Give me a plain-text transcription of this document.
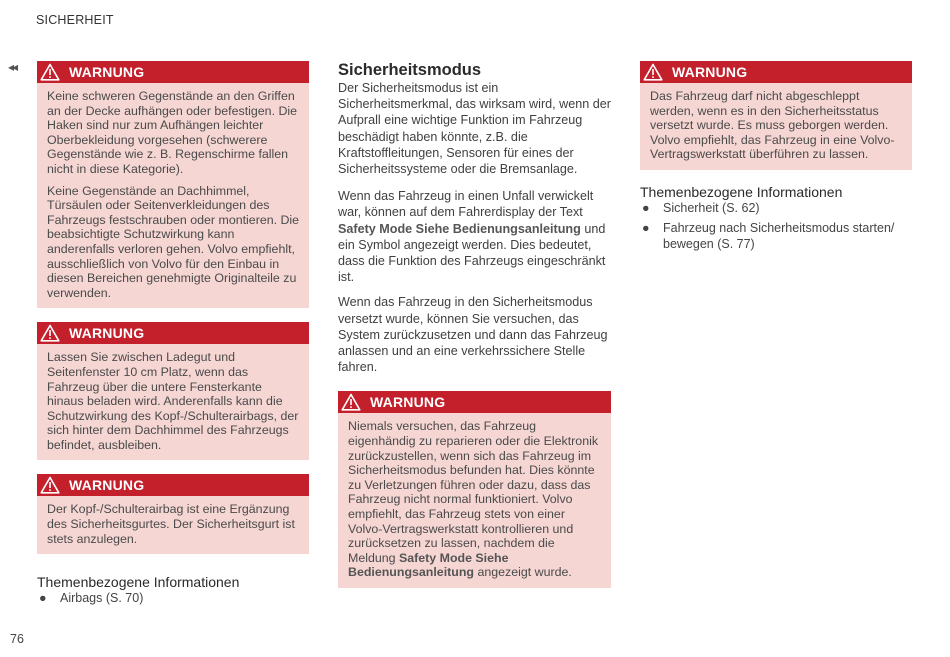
SICHERHEIT
◂◂	WARNUNG

Keine schweren Gegenstände an den Griffen an der Decke aufhängen oder befestigen. Die Haken sind nur zum Aufhängen leichter Oberbekleidung vorgesehen (schwerere Gegenstände wie z. B. Regenschirme fallen nicht in diese Kategorie).

Keine Gegenstände an Dachhimmel, Türsäulen oder Seitenverkleidungen des Fahrzeugs festschrauben oder montieren. Die beabsichtigte Schutzwirkung kann anderenfalls verloren gehen. Volvo empfiehlt, ausschließlich von Volvo für den Einbau in diesen Bereichen genehmigte Originalteile zu verwenden.

WARNUNG

Lassen Sie zwischen Ladegut und Seitenfenster 10 cm Platz, wenn das Fahrzeug über die untere Fensterkante hinaus beladen wird. Anderenfalls kann die Schutzwirkung des Kopf-/Schulterairbags, der sich hinter dem Dachhimmel des Fahrzeugs befindet, ausbleiben.

WARNUNG

Der Kopf-/Schulterairbag ist eine Ergänzung des Sicherheitsgurtes. Der Sicherheitsgurt ist stets anzulegen.

Themenbezogene Informationen
● Airbags (S. 70)
Sicherheitsmodus

Der Sicherheitsmodus ist ein Sicherheitsmerkmal, das wirksam wird, wenn der Aufprall eine wichtige Funktion im Fahrzeug beschädigt haben könnte, z.B. die Kraftstoffleitungen, Sensoren für eines der Sicherheitssysteme oder die Bremsanlage.

Wenn das Fahrzeug in einen Unfall verwickelt war, können auf dem Fahrerdisplay der Text Safety Mode Siehe Bedienungsanleitung und ein Symbol angezeigt werden. Dies bedeutet, dass die Funktion des Fahrzeugs eingeschränkt ist.

Wenn das Fahrzeug in den Sicherheitsmodus versetzt wurde, können Sie versuchen, das System zurückzusetzen und dann das Fahrzeug anlassen und an eine verkehrssichere Stelle fahren.

WARNUNG

Niemals versuchen, das Fahrzeug eigenhändig zu reparieren oder die Elektronik zurückzustellen, wenn sich das Fahrzeug im Sicherheitsmodus befunden hat. Dies könnte zu Verletzungen führen oder dazu, dass das Fahrzeug nicht normal funktioniert. Volvo empfiehlt, das Fahrzeug stets von einer Volvo-Vertragswerkstatt kontrollieren und zurücksetzen zu lassen, nachdem die Meldung Safety Mode Siehe Bedienungsanleitung angezeigt wurde.

WARNUNG

Das Fahrzeug darf nicht abgeschleppt werden, wenn es in den Sicherheitsstatus versetzt wurde. Es muss geborgen werden. Volvo empfiehlt, das Fahrzeug in eine Volvo-Vertragswerkstatt überführen zu lassen.

Themenbezogene Informationen
● Sicherheit (S. 62)
● Fahrzeug nach Sicherheitsmodus starten/ bewegen (S. 77)
76
